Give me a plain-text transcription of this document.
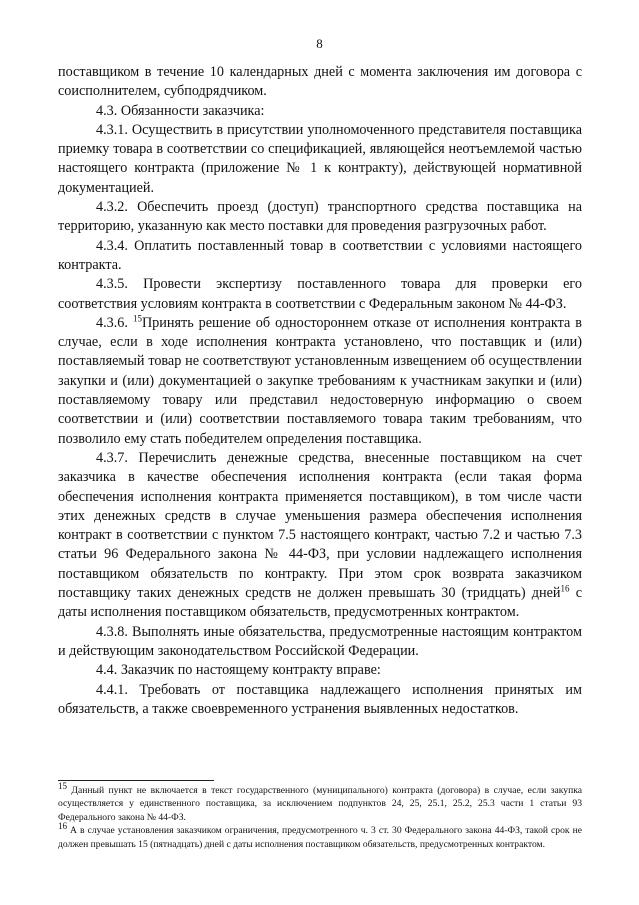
8

поставщиком в течение 10 календарных дней с момента заключения им договора с соисполнителем, субподрядчиком.

4.3. Обязанности заказчика:

4.3.1. Осуществить в присутствии уполномоченного представителя поставщика приемку товара в соответствии со спецификацией, являющейся неотъемлемой частью настоящего контракта (приложение № 1 к контракту), действующей нормативной документацией.

4.3.2. Обеспечить проезд (доступ) транспортного средства поставщика на территорию, указанную как место поставки для проведения разгрузочных работ.

4.3.4. Оплатить поставленный товар в соответствии с условиями настоящего контракта.

4.3.5. Провести экспертизу поставленного товара для проверки его соответствия условиям контракта в соответствии с Федеральным законом № 44-ФЗ.

4.3.6. $^{15}$Принять решение об одностороннем отказе от исполнения контракта в случае, если в ходе исполнения контракта установлено, что поставщик и (или) поставляемый товар не соответствуют установленным извещением об осуществлении закупки и (или) документацией о закупке требованиям к участникам закупки и (или) поставляемому товару или представил недостоверную информацию о своем соответствии и (или) соответствии поставляемого товара таким требованиям, что позволило ему стать победителем определения поставщика.

4.3.7. Перечислить денежные средства, внесенные поставщиком на счет заказчика в качестве обеспечения исполнения контракта (если такая форма обеспечения исполнения контракта применяется поставщиком), в том числе части этих денежных средств в случае уменьшения размера обеспечения исполнения контракт в соответствии с пунктом 7.5 настоящего контракт, частью 7.2 и частью 7.3 статьи 96 Федерального закона № 44-ФЗ, при условии надлежащего исполнения поставщиком обязательств по контракту. При этом срок возврата заказчиком поставщику таких денежных средств не должен превышать 30 (тридцать) дней$^{16}$ с даты исполнения поставщиком обязательств, предусмотренных контрактом.

4.3.8. Выполнять иные обязательства, предусмотренные настоящим контрактом и действующим законодательством Российской Федерации.

4.4. Заказчик по настоящему контракту вправе:

4.4.1. Требовать от поставщика надлежащего исполнения принятых им обязательств, а также своевременного устранения выявленных недостатков.

$^{15}$ Данный пункт не включается в текст государственного (муниципального) контракта (договора) в случае, если закупка осуществляется у единственного поставщика, за исключением подпунктов 24, 25, 25.1, 25.2, 25.3 части 1 статьи 93 Федерального закона № 44-ФЗ.

$^{16}$ А в случае установления заказчиком ограничения, предусмотренного ч. 3 ст. 30 Федерального закона 44-ФЗ, такой срок не должен превышать 15 (пятнадцать) дней с даты исполнения поставщиком обязательств, предусмотренных контрактом.
